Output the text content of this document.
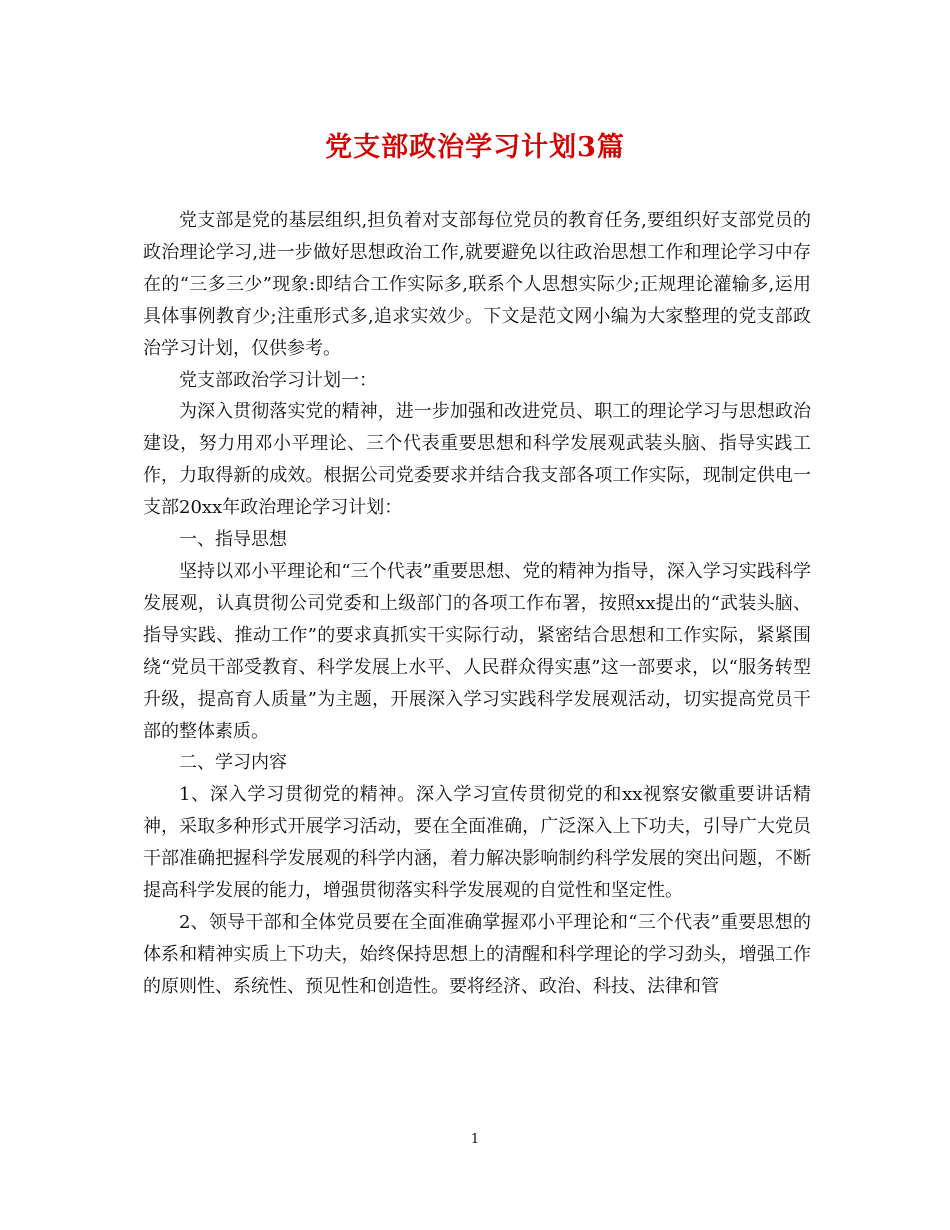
党支部政治学习计划3篇

党支部是党的基层组织,担负着对支部每位党员的教育任务,要组织好支部党员的政治理论学习,进一步做好思想政治工作,就要避免以往政治思想工作和理论学习中存在的“三多三少”现象:即结合工作实际多,联系个人思想实际少;正规理论灌输多,运用具体事例教育少;注重形式多,追求实效少。下文是范文网小编为大家整理的党支部政治学习计划，仅供参考。

党支部政治学习计划一：

为深入贯彻落实党的精神，进一步加强和改进党员、职工的理论学习与思想政治建设，努力用邓小平理论、三个代表重要思想和科学发展观武装头脑、指导实践工作，力取得新的成效。根据公司党委要求并结合我支部各项工作实际，现制定供电一支部20xx年政治理论学习计划：

一、指导思想

坚持以邓小平理论和“三个代表”重要思想、党的精神为指导，深入学习实践科学发展观，认真贯彻公司党委和上级部门的各项工作布署，按照xx提出的“武装头脑、指导实践、推动工作”的要求真抓实干实际行动，紧密结合思想和工作实际，紧紧围绕“党员干部受教育、科学发展上水平、人民群众得实惠”这一部要求，以“服务转型升级，提高育人质量”为主题，开展深入学习实践科学发展观活动，切实提高党员干部的整体素质。

二、学习内容

1、深入学习贯彻党的精神。深入学习宣传贯彻党的和xx视察安徽重要讲话精神，采取多种形式开展学习活动，要在全面准确，广泛深入上下功夫，引导广大党员干部准确把握科学发展观的科学内涵，着力解决影响制约科学发展的突出问题，不断提高科学发展的能力，增强贯彻落实科学发展观的自觉性和坚定性。

2、领导干部和全体党员要在全面准确掌握邓小平理论和“三个代表”重要思想的体系和精神实质上下功夫，始终保持思想上的清醒和科学理论的学习劲头，增强工作的原则性、系统性、预见性和创造性。要将经济、政治、科技、法律和管

1
